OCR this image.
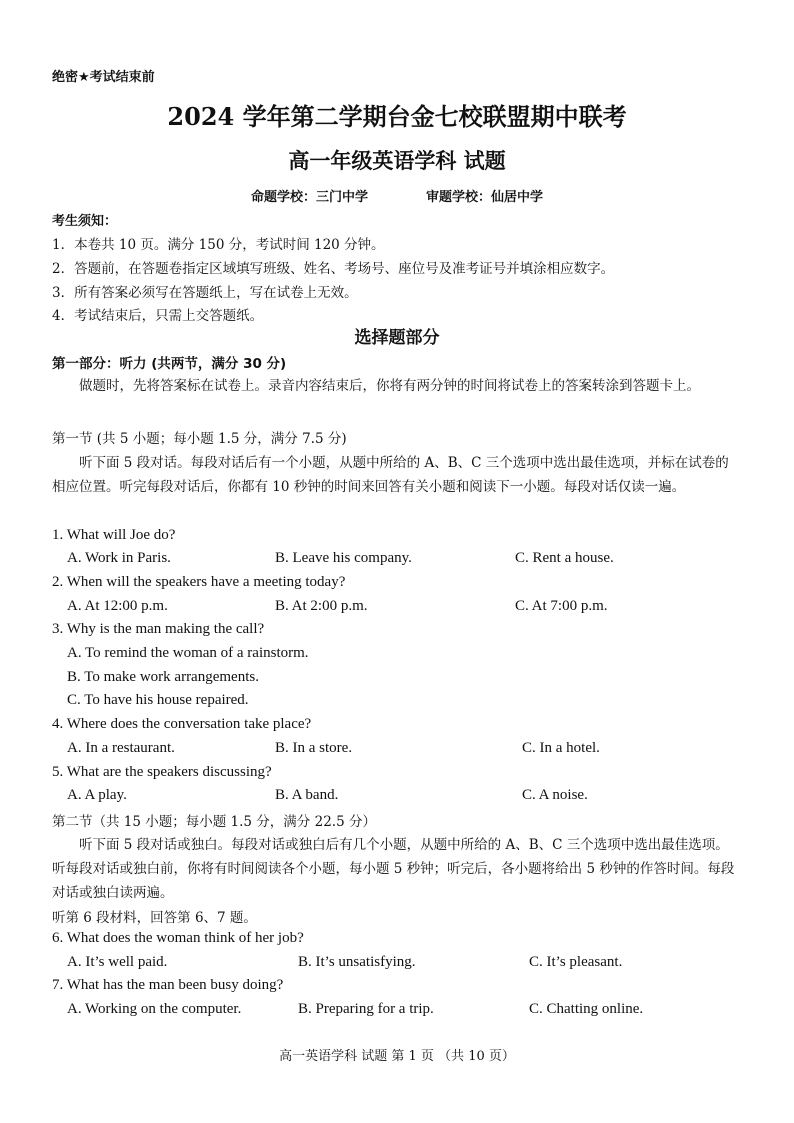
绝密★考试结束前
2024 学年第二学期台金七校联盟期中联考
高一年级英语学科 试题
命题学校：三门中学	审题学校：仙居中学
考生须知：
1．本卷共 10 页。满分 150 分，考试时间 120 分钟。
2．答题前，在答题卷指定区域填写班级、姓名、考场号、座位号及准考证号并填涂相应数字。
3．所有答案必须写在答题纸上，写在试卷上无效。
4．考试结束后，只需上交答题纸。
选择题部分
第一部分：听力 (共两节，满分 30 分)
做题时，先将答案标在试卷上。录音内容结束后，你将有两分钟的时间将试卷上的答案转涂到答题卡上。
第一节 (共 5 小题；每小题 1.5 分，满分 7.5 分)
听下面 5 段对话。每段对话后有一个小题，从题中所给的 A、B、C 三个选项中选出最佳选项，并标在试卷的相应位置。听完每段对话后，你都有 10 秒钟的时间来回答有关小题和阅读下一小题。每段对话仅读一遍。
1. What will Joe do?
A. Work in Paris.	B. Leave his company.	C. Rent a house.
2. When will the speakers have a meeting today?
A. At 12:00 p.m.	B. At 2:00 p.m.	C. At 7:00 p.m.
3. Why is the man making the call?
A. To remind the woman of a rainstorm.
B. To make work arrangements.
C. To have his house repaired.
4. Where does the conversation take place?
A. In a restaurant.	B. In a store.	C. In a hotel.
5. What are the speakers discussing?
A. A play.	B. A band.	C. A noise.
第二节（共 15 小题；每小题 1.5 分，满分 22.5 分）
听下面 5 段对话或独白。每段对话或独白后有几个小题，从题中所给的 A、B、C 三个选项中选出最佳选项。听每段对话或独白前，你将有时间阅读各个小题，每小题 5 秒钟；听完后，各小题将给出 5 秒钟的作答时间。每段对话或独白读两遍。
听第 6 段材料，回答第 6、7 题。
6. What does the woman think of her job?
A. It’s well paid.	B. It’s unsatisfying.	C. It’s pleasant.
7. What has the man been busy doing?
A. Working on the computer.	B. Preparing for a trip.	C. Chatting online.
高一英语学科 试题 第 1 页 （共 10 页）
